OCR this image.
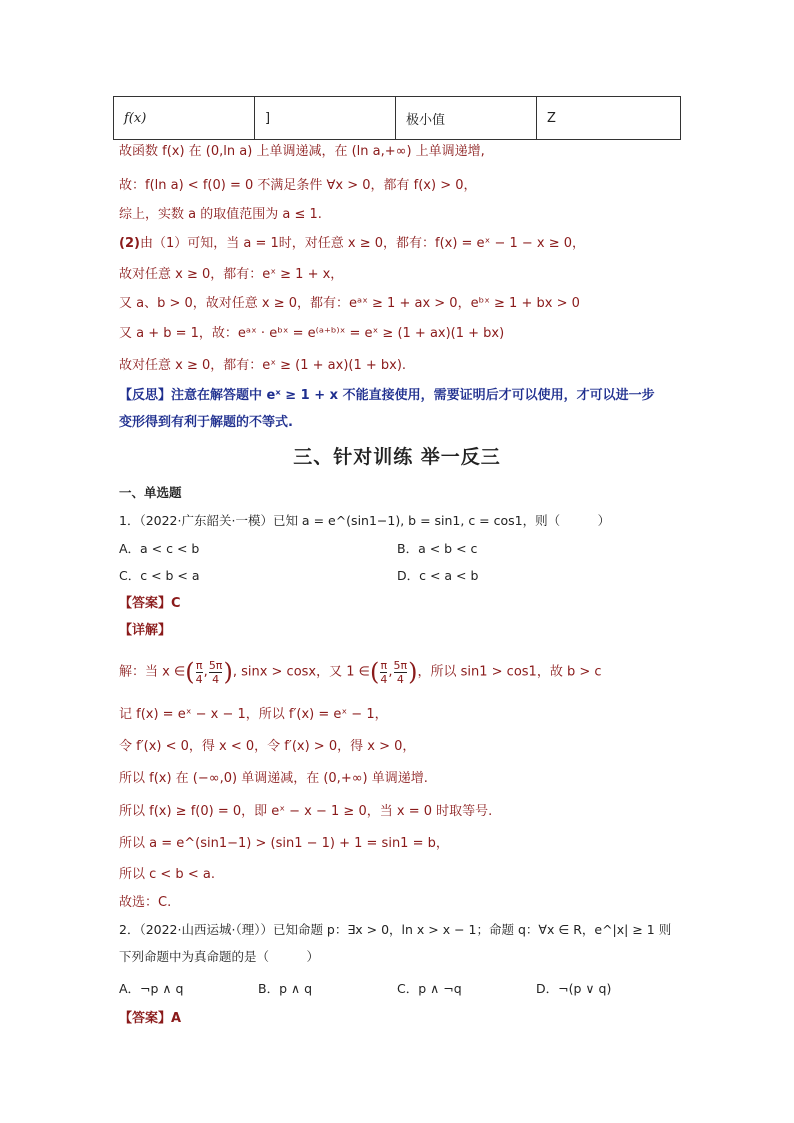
f(x)	]	极小值	Z
故函数 f(x) 在 (0,ln a) 上单调递减，在 (ln a,+∞) 上单调递增,
故：f(ln a) < f(0) = 0 不满足条件 ∀x > 0，都有 f(x) > 0，
综上，实数 a 的取值范围为 a ≤ 1.
(2)由（1）可知，当 a = 1时，对任意 x ≥ 0，都有：f(x) = eˣ − 1 − x ≥ 0，
故对任意 x ≥ 0，都有：eˣ ≥ 1 + x，
又 a、b > 0，故对任意 x ≥ 0，都有：eᵃˣ ≥ 1 + ax > 0，eᵇˣ ≥ 1 + bx > 0
又 a + b = 1，故：eᵃˣ · eᵇˣ = e⁽ᵃ⁺ᵇ⁾ˣ = eˣ ≥ (1 + ax)(1 + bx)
故对任意 x ≥ 0，都有：eˣ ≥ (1 + ax)(1 + bx).
【反思】注意在解答题中 eˣ ≥ 1 + x 不能直接使用，需要证明后才可以使用，才可以进一步
变形得到有利于解题的不等式.
三、针对训练 举一反三
一、单选题
1．（2022·广东韶关·一模）已知 a = e^(sin1−1), b = sin1, c = cos1，则（　　　）
A．a < c < b	B．a < b < c
C．c < b < a	D．c < a < b
【答案】C
【详解】
解：当 x ∈( $\frac{\pi}{4}$ , $\frac{5\pi}{4}$ ), sinx > cosx，又 1 ∈( $\frac{\pi}{4}$ , $\frac{5\pi}{4}$ )，所以 sin1 > cos1，故 b > c
记 f(x) = eˣ − x − 1，所以 f′(x) = eˣ − 1，
令 f′(x) < 0，得 x < 0，令 f′(x) > 0，得 x > 0，
所以 f(x) 在 (−∞,0) 单调递减，在 (0,+∞) 单调递增.
所以 f(x) ≥ f(0) = 0，即 eˣ − x − 1 ≥ 0，当 x = 0 时取等号.
所以 a = e^(sin1−1) > (sin1 − 1) + 1 = sin1 = b，
所以 c < b < a.
故选：C.
2．（2022·山西运城·（理））已知命题 p：∃x > 0，ln x > x − 1；命题 q：∀x ∈ R，e^|x| ≥ 1 则
下列命题中为真命题的是（　　　）
A．¬p ∧ q	B．p ∧ q	C．p ∧ ¬q	D．¬(p ∨ q)
【答案】A
